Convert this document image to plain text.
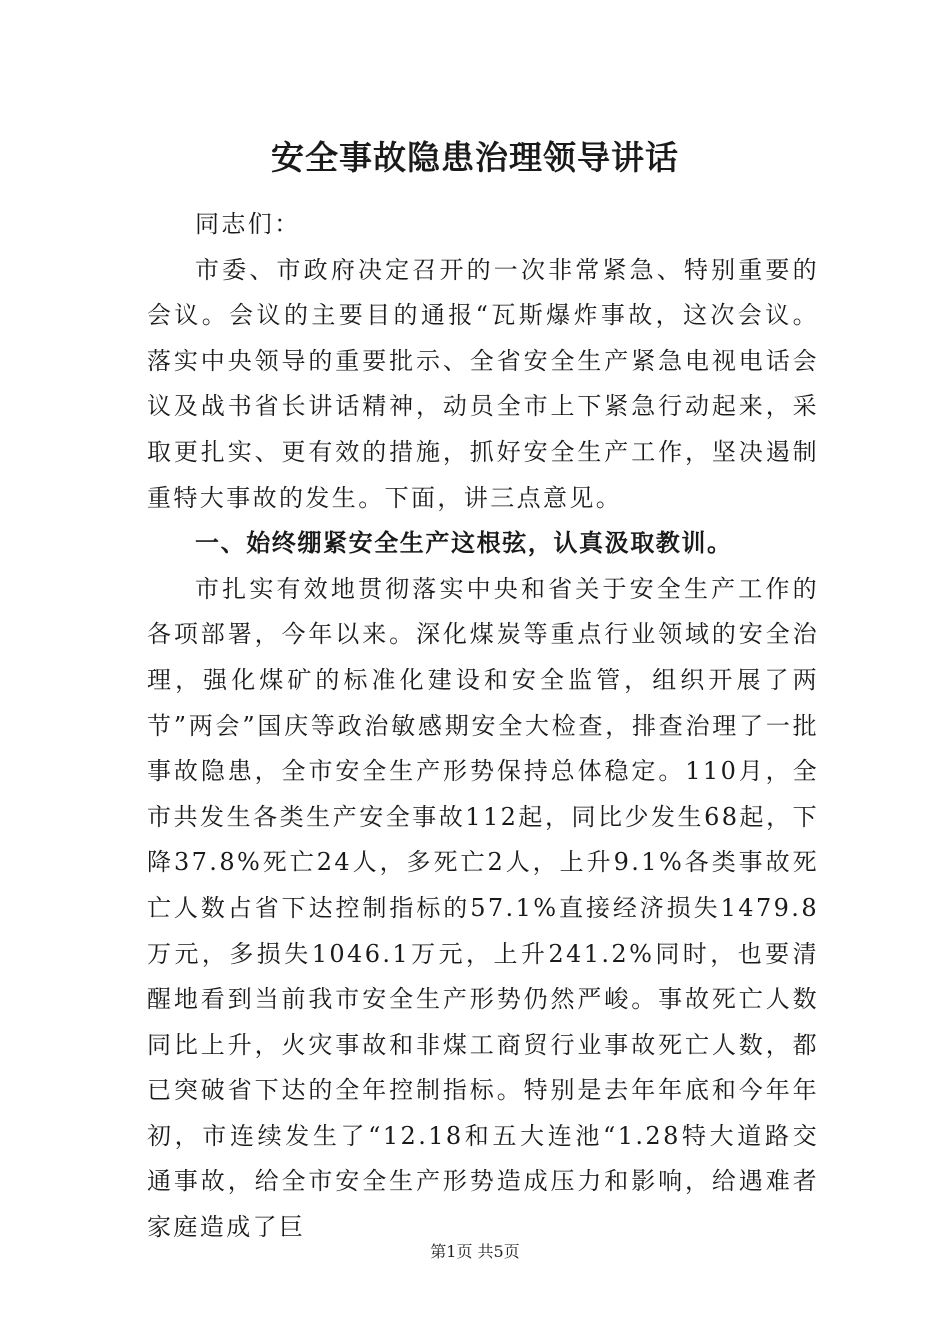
安全事故隐患治理领导讲话

同志们：

市委、市政府决定召开的一次非常紧急、特别重要的会议。会议的主要目的通报“瓦斯爆炸事故，这次会议。落实中央领导的重要批示、全省安全生产紧急电视电话会议及战书省长讲话精神，动员全市上下紧急行动起来，采取更扎实、更有效的措施，抓好安全生产工作，坚决遏制重特大事故的发生。下面，讲三点意见。

一、始终绷紧安全生产这根弦，认真汲取教训。

市扎实有效地贯彻落实中央和省关于安全生产工作的各项部署，今年以来。深化煤炭等重点行业领域的安全治理，强化煤矿的标准化建设和安全监管，组织开展了两节”两会”国庆等政治敏感期安全大检查，排查治理了一批事故隐患，全市安全生产形势保持总体稳定。110月，全市共发生各类生产安全事故112起，同比少发生68起，下降37.8%死亡24人，多死亡2人，上升9.1%各类事故死亡人数占省下达控制指标的57.1%直接经济损失1479.8万元，多损失1046.1万元，上升241.2%同时，也要清醒地看到当前我市安全生产形势仍然严峻。事故死亡人数同比上升，火灾事故和非煤工商贸行业事故死亡人数，都已突破省下达的全年控制指标。特别是去年年底和今年年初，市连续发生了“12.18和五大连池“1.28特大道路交通事故，给全市安全生产形势造成压力和影响，给遇难者家庭造成了巨

第1页 共5页
